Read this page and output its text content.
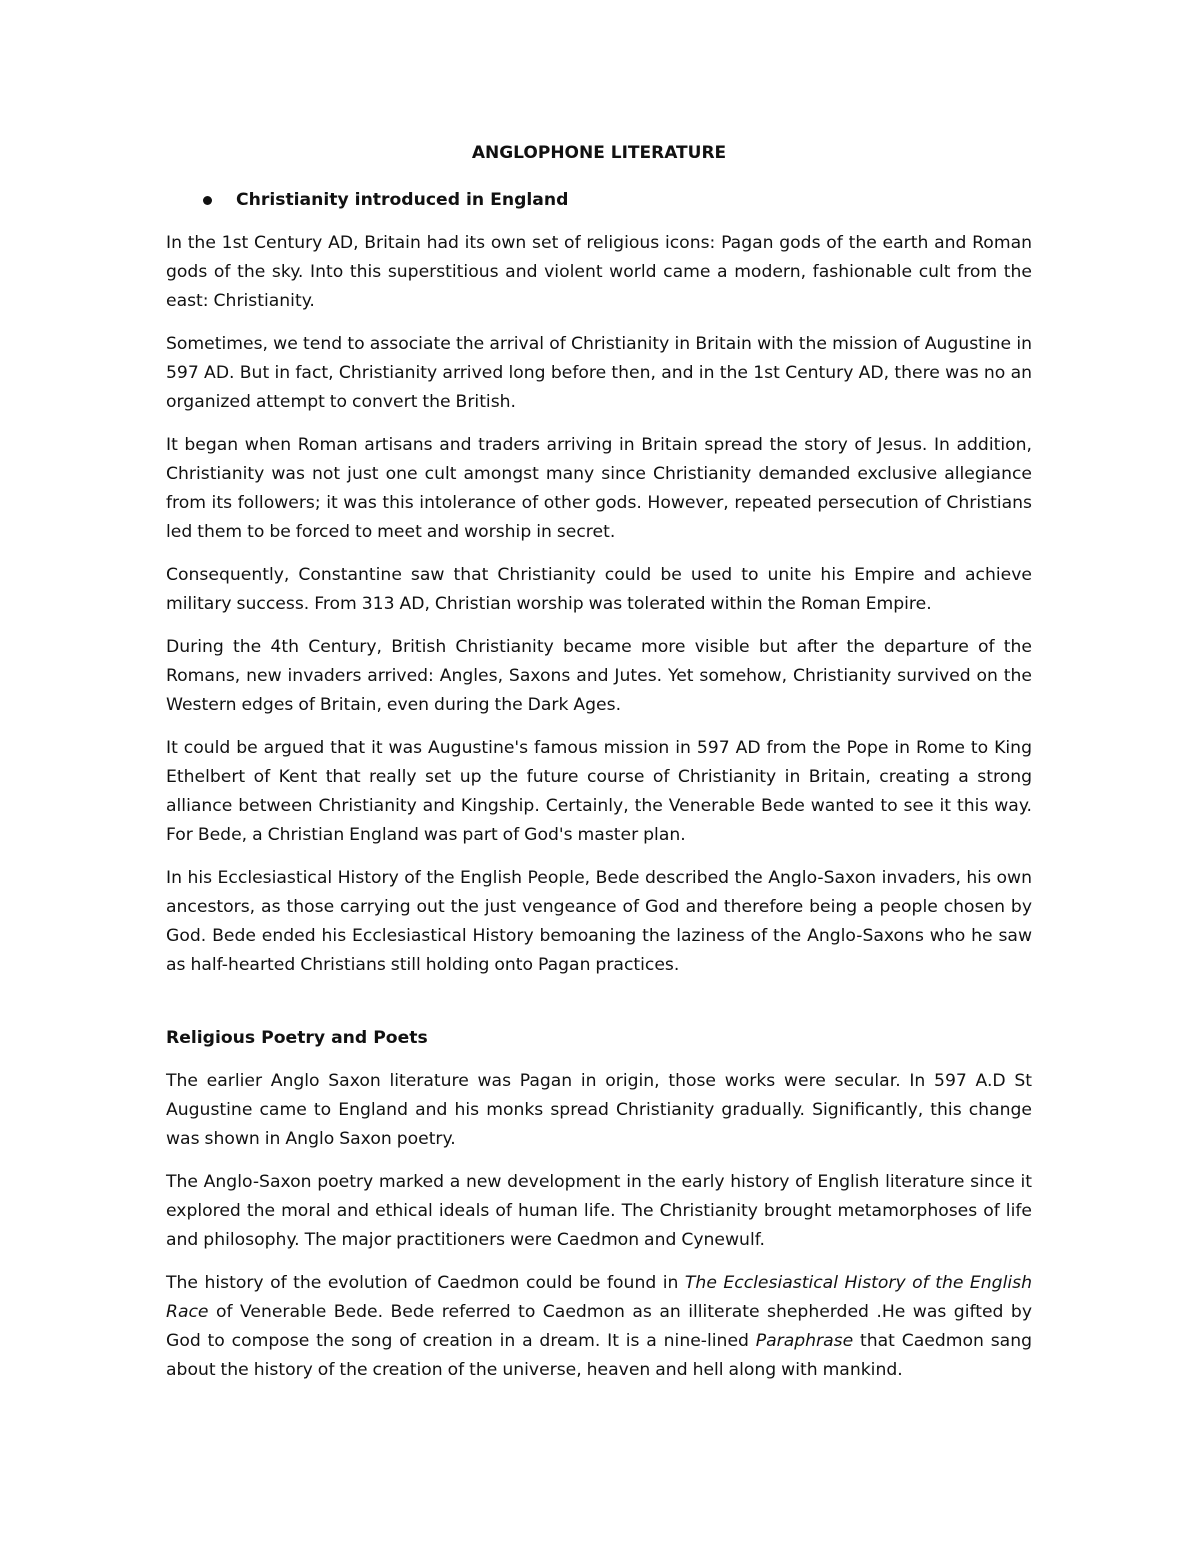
ANGLOPHONE LITERATURE
Christianity introduced in England

In the 1st Century AD, Britain had its own set of religious icons: Pagan gods of the earth and Roman gods of the sky. Into this superstitious and violent world came a modern, fashionable cult from the east: Christianity.

Sometimes, we tend to associate the arrival of Christianity in Britain with the mission of Augustine in 597 AD. But in fact, Christianity arrived long before then, and in the 1st Century AD, there was no an organized attempt to convert the British.

It began when Roman artisans and traders arriving in Britain spread the story of Jesus. In addition, Christianity was not just one cult amongst many since Christianity demanded exclusive allegiance from its followers; it was this intolerance of other gods. However, repeated persecution of Christians led them to be forced to meet and worship in secret.

Consequently, Constantine saw that Christianity could be used to unite his Empire and achieve military success. From 313 AD, Christian worship was tolerated within the Roman Empire.

During the 4th Century, British Christianity became more visible but after the departure of the Romans, new invaders arrived: Angles, Saxons and Jutes. Yet somehow, Christianity survived on the Western edges of Britain, even during the Dark Ages.

It could be argued that it was Augustine's famous mission in 597 AD from the Pope in Rome to King Ethelbert of Kent that really set up the future course of Christianity in Britain, creating a strong alliance between Christianity and Kingship. Certainly, the Venerable Bede wanted to see it this way. For Bede, a Christian England was part of God's master plan.

In his Ecclesiastical History of the English People, Bede described the Anglo-Saxon invaders, his own ancestors, as those carrying out the just vengeance of God and therefore being a people chosen by God. Bede ended his Ecclesiastical History bemoaning the laziness of the Anglo-Saxons who he saw as half-hearted Christians still holding onto Pagan practices.

Religious Poetry and Poets

The earlier Anglo Saxon literature was Pagan in origin, those works were secular. In 597 A.D St Augustine came to England and his monks spread Christianity gradually. Significantly, this change was shown in Anglo Saxon poetry.

The Anglo-Saxon poetry marked a new development in the early history of English literature since it explored the moral and ethical ideals of human life. The Christianity brought metamorphoses of life and philosophy. The major practitioners were Caedmon and Cynewulf.

The history of the evolution of Caedmon could be found in The Ecclesiastical History of the English Race of Venerable Bede. Bede referred to Caedmon as an illiterate shepherded .He was gifted by God to compose the song of creation in a dream. It is a nine-lined Paraphrase that Caedmon sang about the history of the creation of the universe, heaven and hell along with mankind.
